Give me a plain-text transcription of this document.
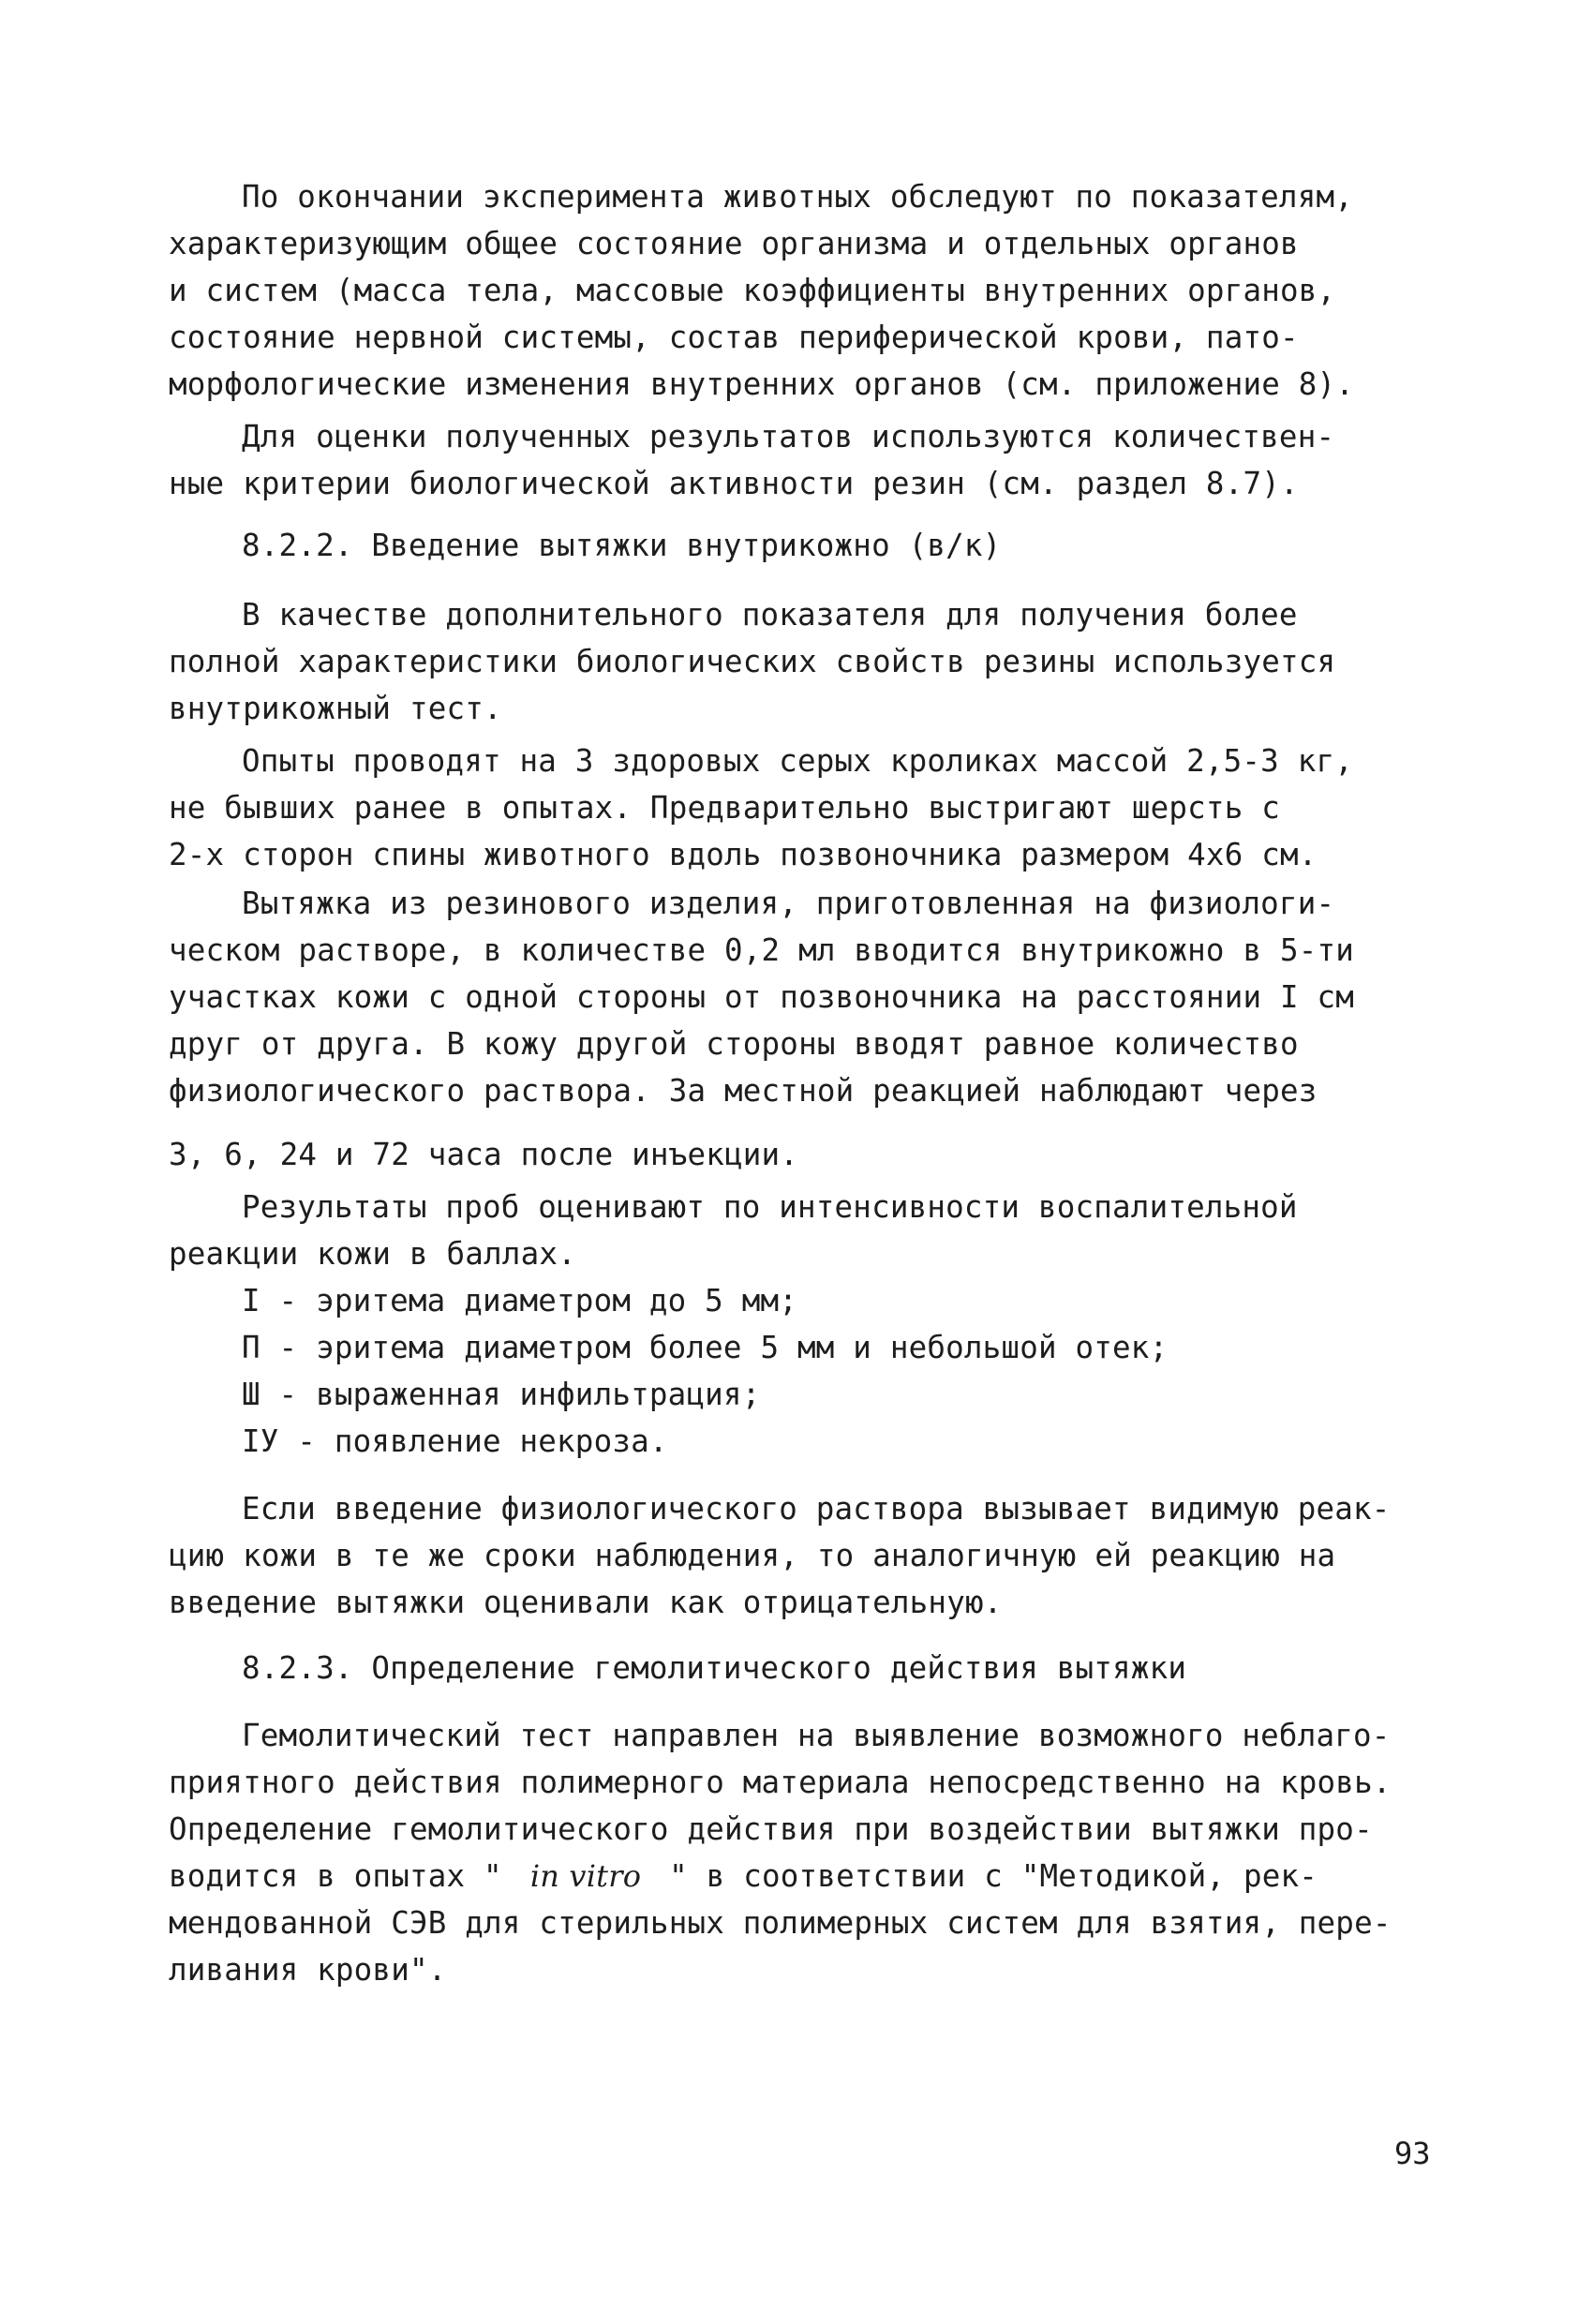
По окончании эксперимента животных обследуют по показателям,
характеризующим общее состояние организма и отдельных органов
и систем (масса тела, массовые коэффициенты внутренних органов,
состояние нервной системы, состав периферической крови, пато-
морфологические изменения внутренних органов (см. приложение 8).
Для оценки полученных результатов используются количествен-
ные критерии биологической активности резин (см. раздел 8.7).
8.2.2. Введение вытяжки внутрикожно (в/к)
В качестве дополнительного показателя для получения более
полной характеристики биологических свойств резины используется
внутрикожный тест.
Опыты проводят на 3 здоровых серых кроликах массой 2,5-3 кг,
не бывших ранее в опытах. Предварительно выстригают шерсть с
2-х сторон спины животного вдоль позвоночника размером 4х6 см.
Вытяжка из резинового изделия, приготовленная на физиологи-
ческом растворе, в количестве 0,2 мл вводится внутрикожно в 5-ти
участках кожи с одной стороны от позвоночника на расстоянии I см
друг от друга. В кожу другой стороны вводят равное количество
физиологического раствора. За местной реакцией наблюдают через
3, 6, 24 и 72 часа после инъекции.
Результаты проб оценивают по интенсивности воспалительной
реакции кожи в баллах.
I - эритема диаметром до 5 мм;
П - эритема диаметром более 5 мм и небольшой отек;
Ш - выраженная инфильтрация;
ІУ - появление некроза.
Если введение физиологического раствора вызывает видимую реак-
цию кожи в те же сроки наблюдения, то аналогичную ей реакцию на
введение вытяжки оценивали как отрицательную.
8.2.3. Определение гемолитического действия вытяжки
Гемолитический тест направлен на выявление возможного неблаго-
приятного действия полимерного материала непосредственно на кровь.
Определение гемолитического действия при воздействии вытяжки про-
водится в опытах " in vitro " в соответствии с "Методикой, рек-
мендованной СЭВ для стерильных полимерных систем для взятия, пере-
ливания крови".
93
